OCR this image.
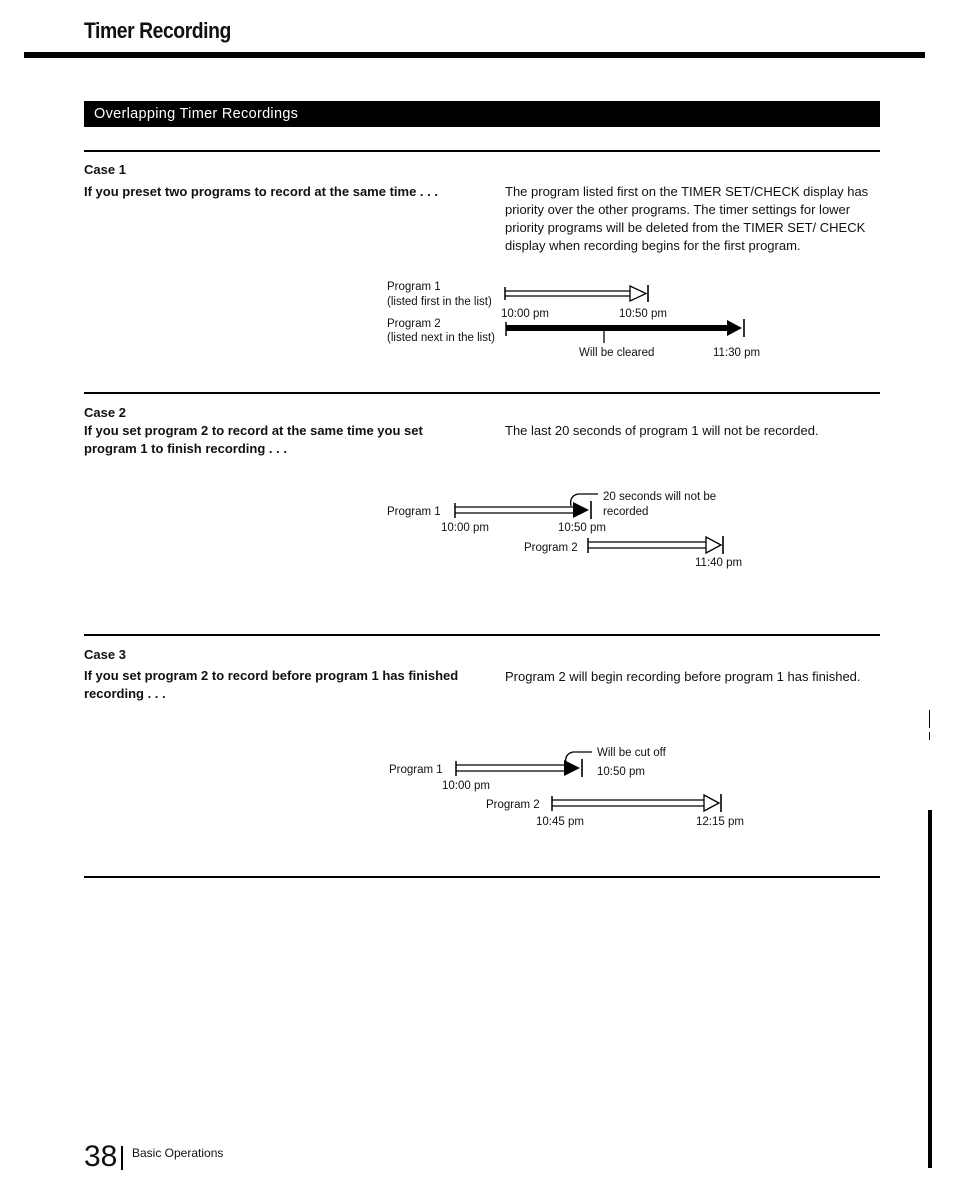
Timer Recording
Overlapping Timer Recordings
Case 1
If you preset two programs to record at the same time . . .	The program listed first on the TIMER SET/CHECK display has priority over the other programs. The timer settings for lower priority programs will be deleted from the TIMER SET/ CHECK display when recording begins for the first program.
Program 1
(listed first in the list)
10:00 pm	10:50 pm
Program 2
(listed next in the list)
Will be cleared	11:30 pm
Case 2
If you set program 2 to record at the same time you set program 1 to finish recording . . .
The last 20 seconds of program 1 will not be recorded.
Program 1
10:00 pm	10:50 pm
20 seconds will not be
recorded
Program 2
11:40 pm
Case 3
If you set program 2 to record before program 1 has finished recording . . .
Program 2 will begin recording before program 1 has finished.
Program 1
10:00 pm
Will be cut off
10:50 pm
Program 2
10:45 pm	12:15 pm
38 Basic Operations
